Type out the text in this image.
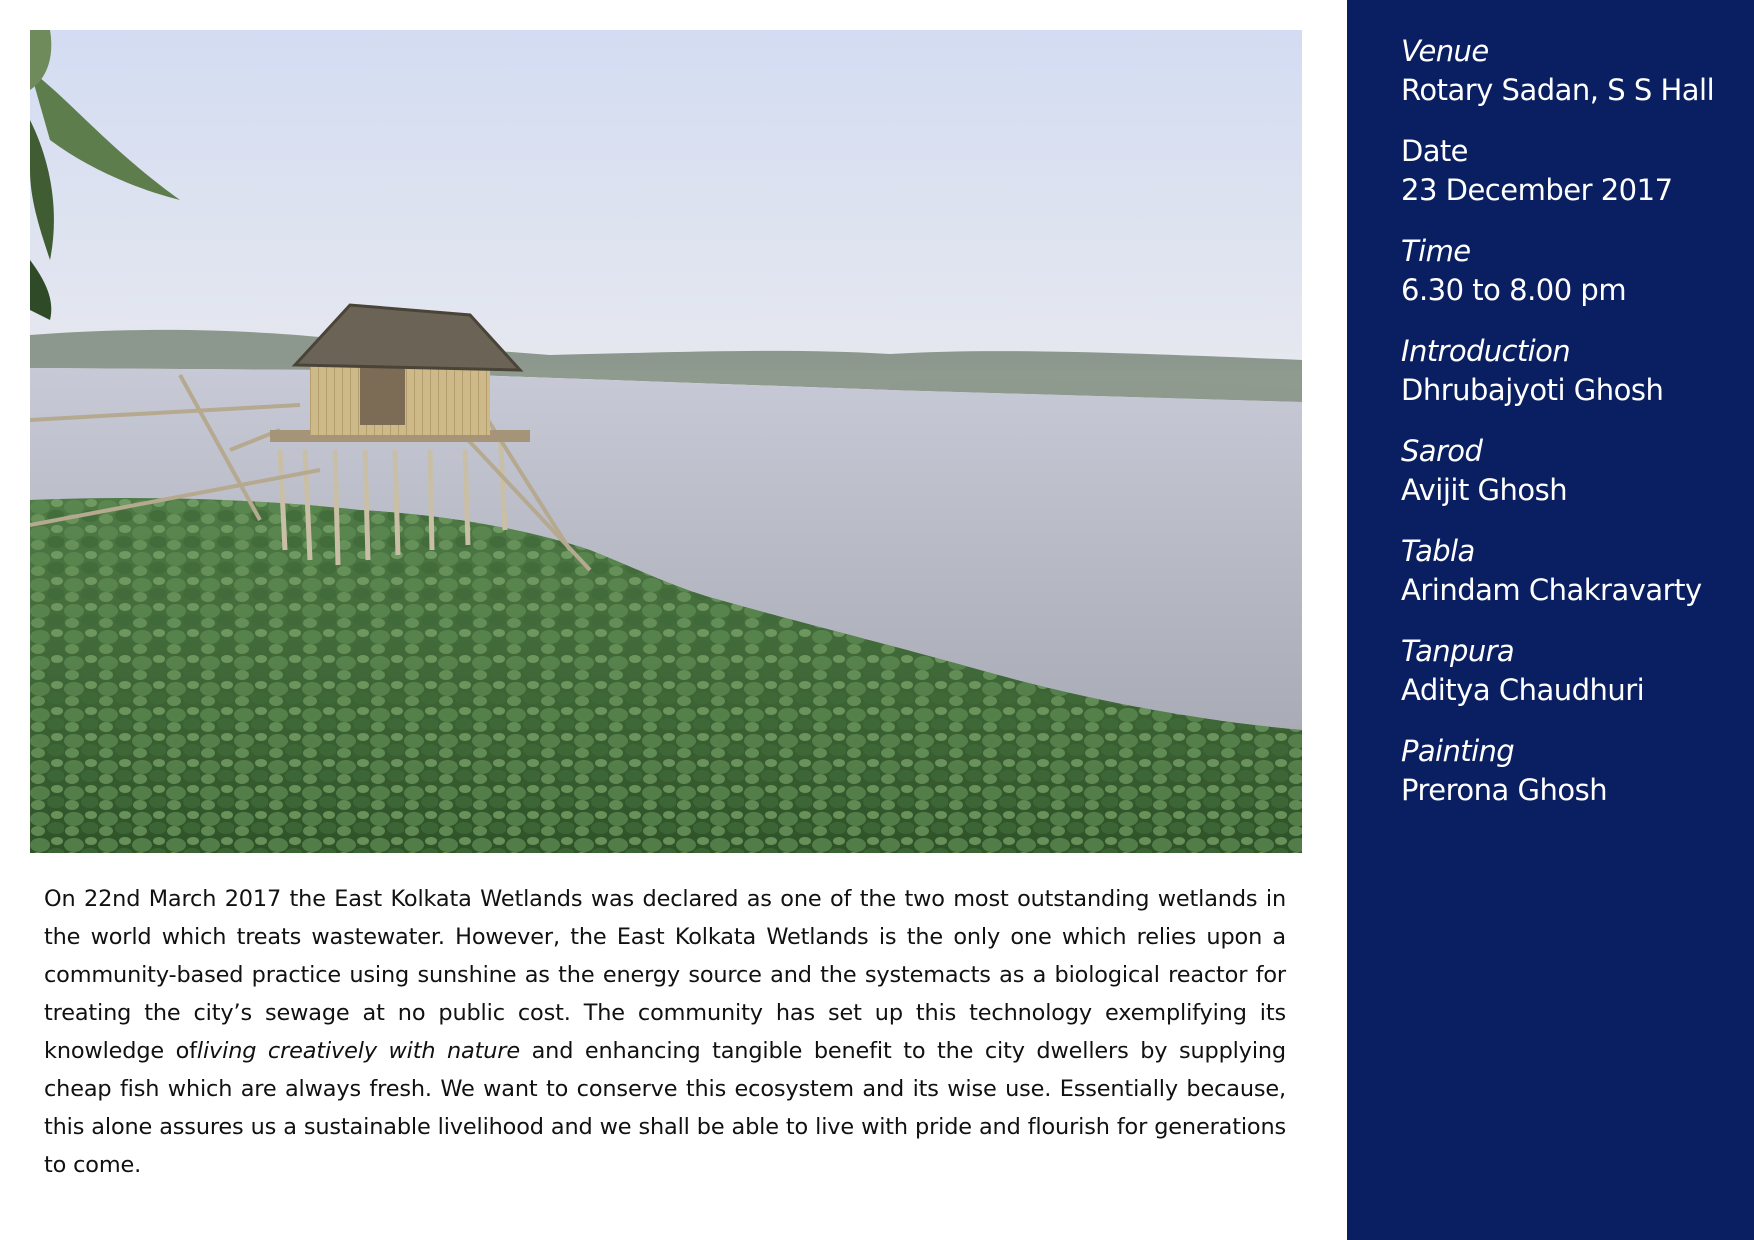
On 22nd March 2017 the East Kolkata Wetlands was declared as one of the two most outstanding wetlands in the world which treats wastewater. However, the East Kolkata Wetlands is the only one which relies upon a community-based practice using sunshine as the energy source and the systemacts as a biological reactor for treating the city’s sewage at no public cost. The community has set up this technology exemplifying its knowledge ofliving creatively with nature and enhancing tangible benefit to the city dwellers by supplying cheap fish which are always fresh. We want to conserve this ecosystem and its wise use. Essentially because, this alone assures us a sustainable livelihood and we shall be able to live with pride and flourish for generations to come.

Venue
Rotary Sadan, S S Hall
Date
23 December 2017
Time
6.30 to 8.00 pm
Introduction
Dhrubajyoti Ghosh
Sarod
Avijit Ghosh
Tabla
Arindam Chakravarty
Tanpura
Aditya Chaudhuri
Painting
Prerona Ghosh
